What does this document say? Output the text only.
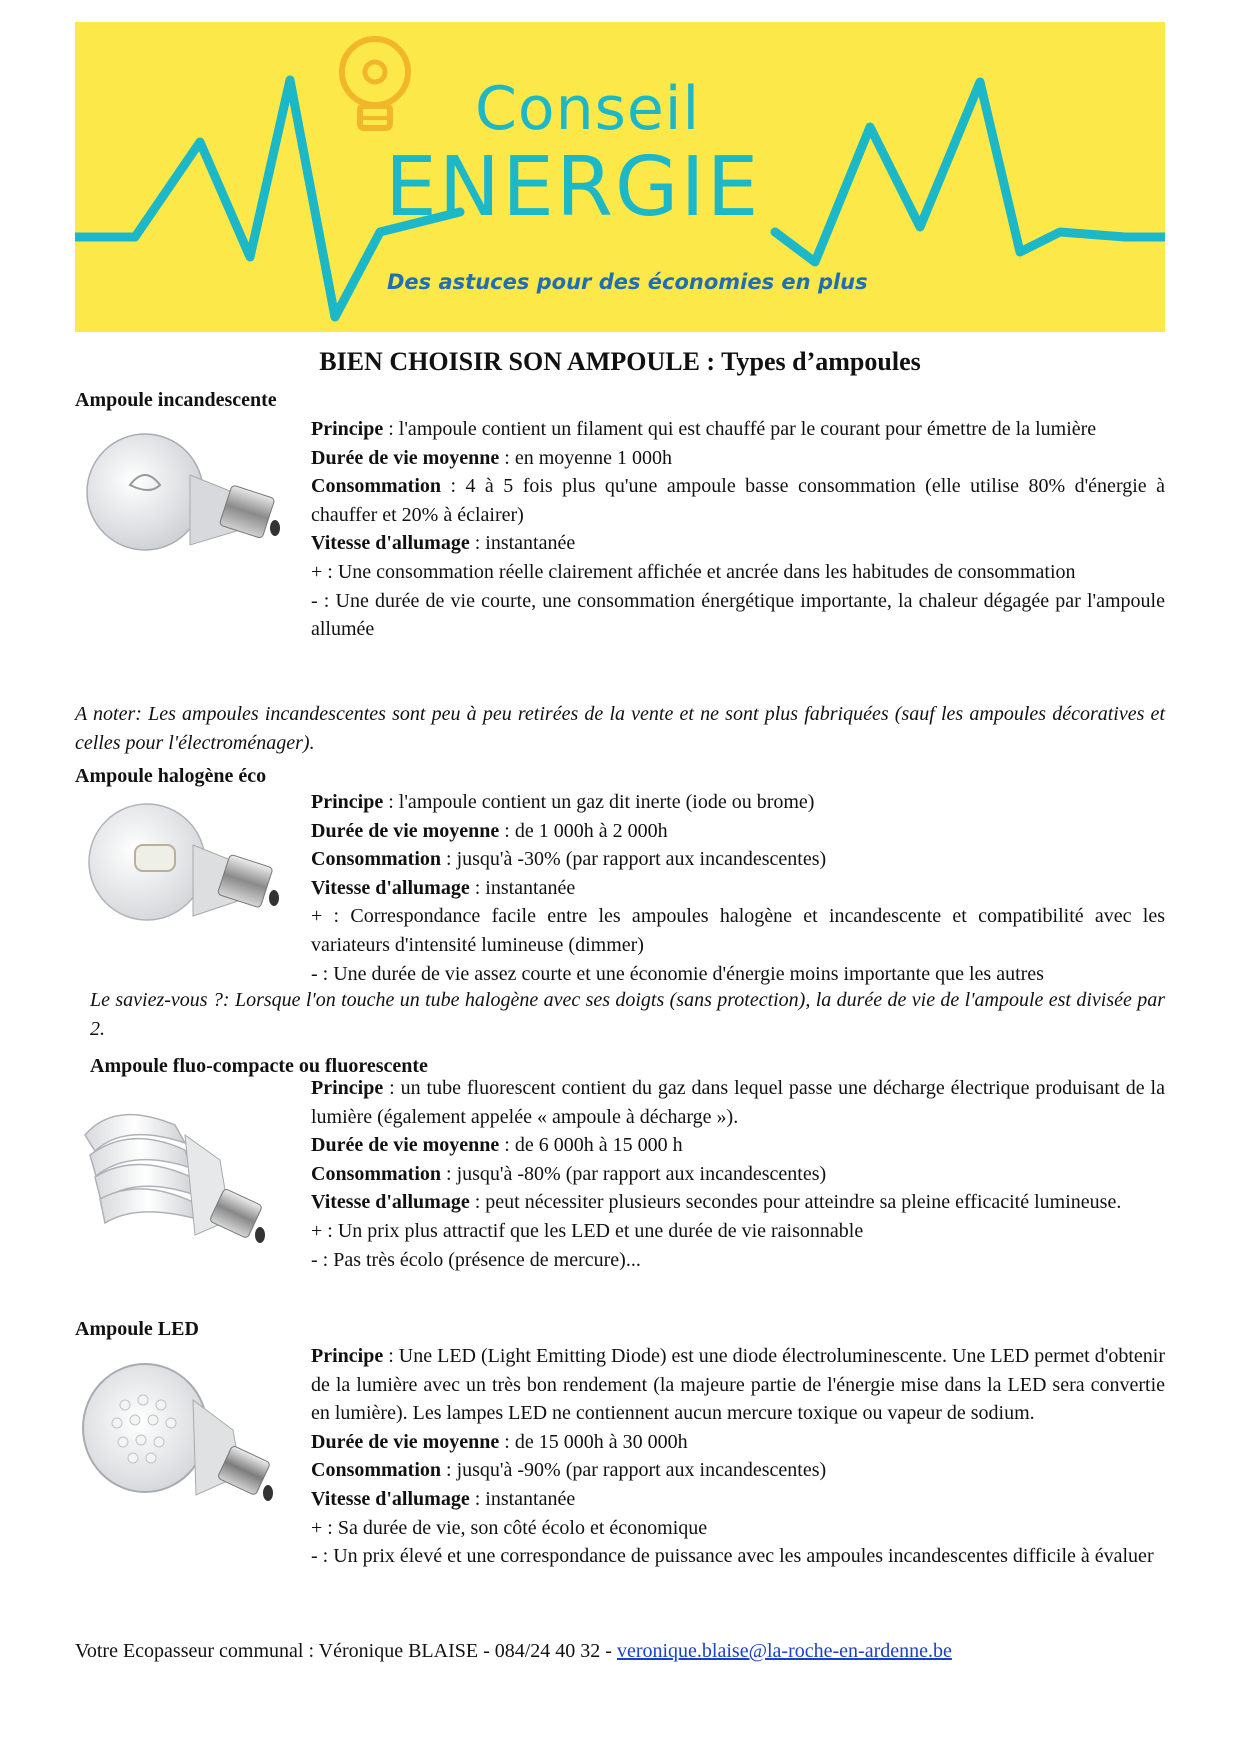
Conseil
ENERGIE
Des astuces pour des économies en plus
BIEN CHOISIR SON AMPOULE : Types d’ampoules
Ampoule incandescente

Principe : l'ampoule contient un filament qui est chauffé par le courant pour émettre de la lumière

Durée de vie moyenne : en moyenne 1 000h

Consommation : 4 à 5 fois plus qu'une ampoule basse consommation (elle utilise 80% d'énergie à chauffer et 20% à éclairer)

Vitesse d'allumage : instantanée

+ : Une consommation réelle clairement affichée et ancrée dans les habitudes de consommation

- : Une durée de vie courte, une consommation énergétique importante, la chaleur dégagée par l'ampoule allumée

A noter: Les ampoules incandescentes sont peu à peu retirées de la vente et ne sont plus fabriquées (sauf les ampoules décoratives et celles pour l'électroménager).
Ampoule halogène éco

Principe : l'ampoule contient un gaz dit inerte (iode ou brome)

Durée de vie moyenne : de 1 000h à 2 000h

Consommation : jusqu'à -30% (par rapport aux incandescentes)

Vitesse d'allumage : instantanée

+ : Correspondance facile entre les ampoules halogène et incandescente et compatibilité avec les variateurs d'intensité lumineuse (dimmer)

- : Une durée de vie assez courte et une économie d'énergie moins importante que les autres

Le saviez-vous ?: Lorsque l'on touche un tube halogène avec ses doigts (sans protection), la durée de vie de l'ampoule est divisée par 2.
Ampoule fluo-compacte ou fluorescente

Principe : un tube fluorescent contient du gaz dans lequel passe une décharge électrique produisant de la lumière (également appelée « ampoule à décharge »).

Durée de vie moyenne : de 6 000h à 15 000 h

Consommation : jusqu'à -80% (par rapport aux incandescentes)

Vitesse d'allumage : peut nécessiter plusieurs secondes pour atteindre sa pleine efficacité lumineuse.

+ : Un prix plus attractif que les LED et une durée de vie raisonnable

- : Pas très écolo (présence de mercure)...

Ampoule LED

Principe : Une LED (Light Emitting Diode) est une diode électroluminescente. Une LED permet d'obtenir de la lumière avec un très bon rendement (la majeure partie de l'énergie mise dans la LED sera convertie en lumière). Les lampes LED ne contiennent aucun mercure toxique ou vapeur de sodium.

Durée de vie moyenne : de 15 000h à 30 000h

Consommation : jusqu'à -90% (par rapport aux incandescentes)

Vitesse d'allumage : instantanée

+ : Sa durée de vie, son côté écolo et économique

- : Un prix élevé et une correspondance de puissance avec les ampoules incandescentes difficile à évaluer

Votre Ecopasseur communal : Véronique BLAISE - 084/24 40 32 - veronique.blaise@la-roche-en-ardenne.be
